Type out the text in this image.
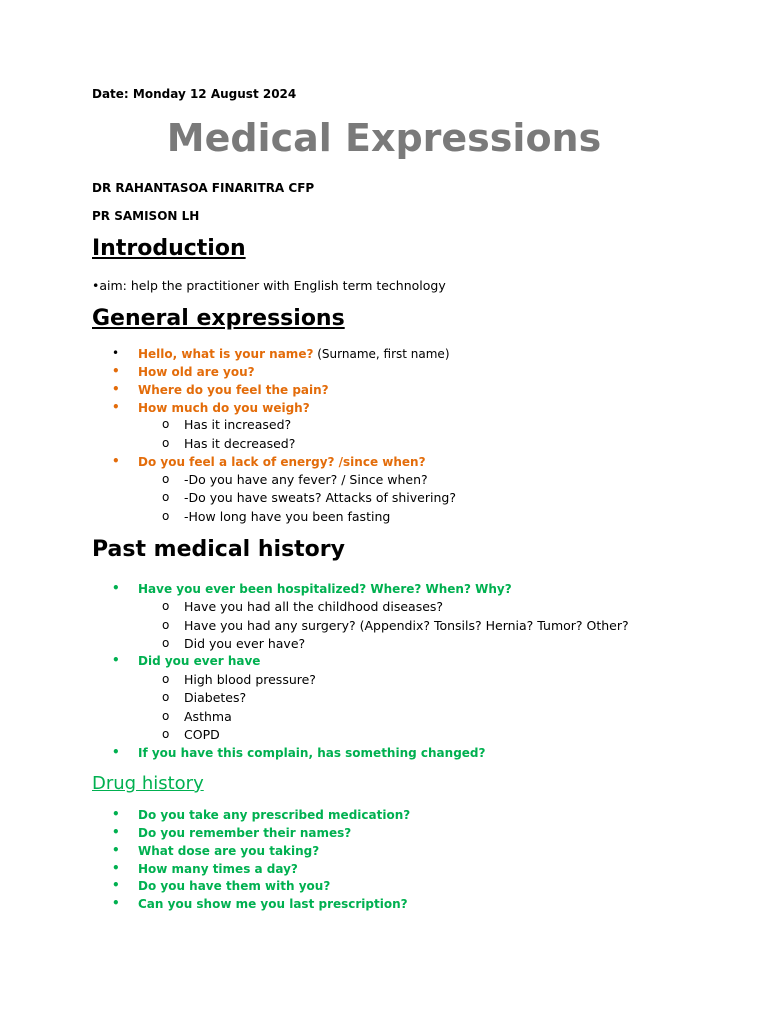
Date: Monday 12 August 2024
Medical Expressions
DR RAHANTASOA FINARITRA CFP
PR SAMISON LH
Introduction
•aim: help the practitioner with English term technology
General expressions
• Hello, what is your name? (Surname, first name)
• How old are you?
• Where do you feel the pain?
• How much do you weigh?
o Has it increased?
o Has it decreased?
• Do you feel a lack of energy? /since when?
o -Do you have any fever? / Since when?
o -Do you have sweats? Attacks of shivering?
o -How long have you been fasting
Past medical history
• Have you ever been hospitalized? Where? When? Why?
o Have you had all the childhood diseases?
o Have you had any surgery? (Appendix? Tonsils? Hernia? Tumor? Other?
o Did you ever have?
• Did you ever have
o High blood pressure?
o Diabetes?
o Asthma
o COPD
• If you have this complain, has something changed?
Drug history
• Do you take any prescribed medication?
• Do you remember their names?
• What dose are you taking?
• How many times a day?
• Do you have them with you?
• Can you show me you last prescription?
